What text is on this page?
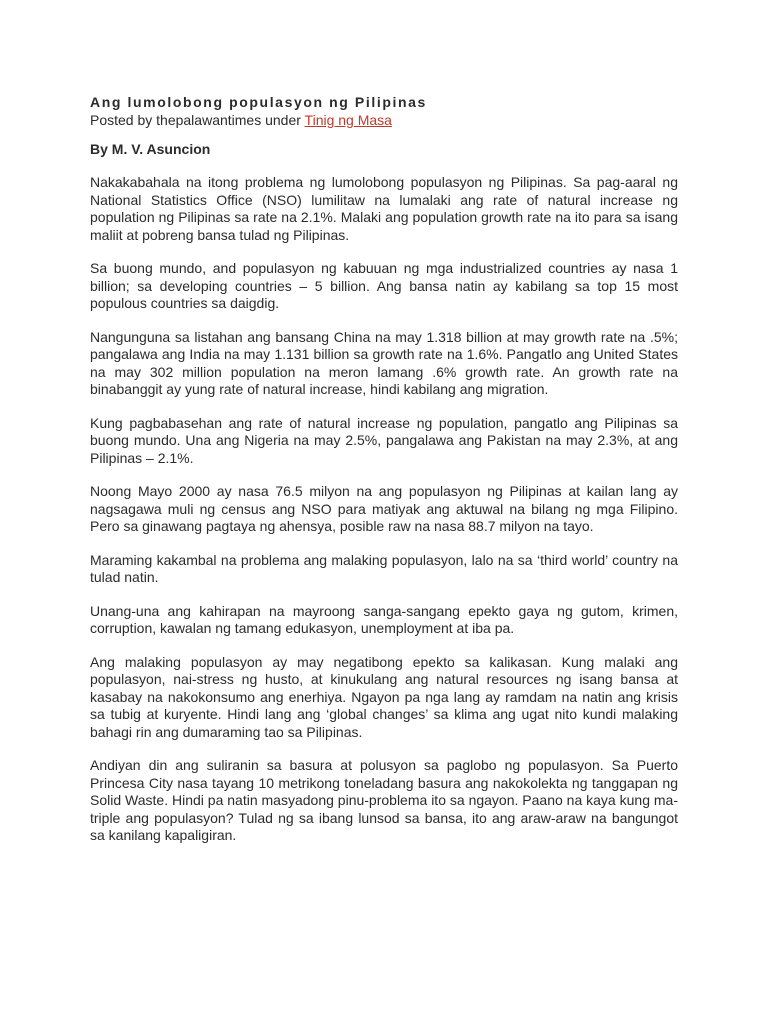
Ang lumolobong populasyon ng Pilipinas

Posted by thepalawantimes under Tinig ng Masa

By M. V. Asuncion

Nakakabahala na itong problema ng lumolobong populasyon ng Pilipinas. Sa pag-aaral ng National Statistics Office (NSO) lumilitaw na lumalaki ang rate of natural increase ng population ng Pilipinas sa rate na 2.1%. Malaki ang population growth rate na ito para sa isang maliit at pobreng bansa tulad ng Pilipinas.

Sa buong mundo, and populasyon ng kabuuan ng mga industrialized countries ay nasa 1 billion; sa developing countries – 5 billion. Ang bansa natin ay kabilang sa top 15 most populous countries sa daigdig.

Nangunguna sa listahan ang bansang China na may 1.318 billion at may growth rate na .5%; pangalawa ang India na may 1.131 billion sa growth rate na 1.6%. Pangatlo ang United States na may 302 million population na meron lamang .6% growth rate. An growth rate na binabanggit ay yung rate of natural increase, hindi kabilang ang migration.

Kung pagbabasehan ang rate of natural increase ng population, pangatlo ang Pilipinas sa buong mundo. Una ang Nigeria na may 2.5%, pangalawa ang Pakistan na may 2.3%, at ang Pilipinas – 2.1%.

Noong Mayo 2000 ay nasa 76.5 milyon na ang populasyon ng Pilipinas at kailan lang ay nagsagawa muli ng census ang NSO para matiyak ang aktuwal na bilang ng mga Filipino. Pero sa ginawang pagtaya ng ahensya, posible raw na nasa 88.7 milyon na tayo.

Maraming kakambal na problema ang malaking populasyon, lalo na sa ‘third world’ country na tulad natin.

Unang-una ang kahirapan na mayroong sanga-sangang epekto gaya ng gutom, krimen, corruption, kawalan ng tamang edukasyon, unemployment at iba pa.

Ang malaking populasyon ay may negatibong epekto sa kalikasan. Kung malaki ang populasyon, nai-stress ng husto, at kinukulang ang natural resources ng isang bansa at kasabay na nakokonsumo ang enerhiya. Ngayon pa nga lang ay ramdam na natin ang krisis sa tubig at kuryente. Hindi lang ang ‘global changes’ sa klima ang ugat nito kundi malaking bahagi rin ang dumaraming tao sa Pilipinas.

Andiyan din ang suliranin sa basura at polusyon sa paglobo ng populasyon. Sa Puerto Princesa City nasa tayang 10 metrikong toneladang basura ang nakokolekta ng tanggapan ng Solid Waste. Hindi pa natin masyadong pinu-problema ito sa ngayon. Paano na kaya kung ma-triple ang populasyon? Tulad ng sa ibang lunsod sa bansa, ito ang araw-araw na bangungot sa kanilang kapaligiran.
